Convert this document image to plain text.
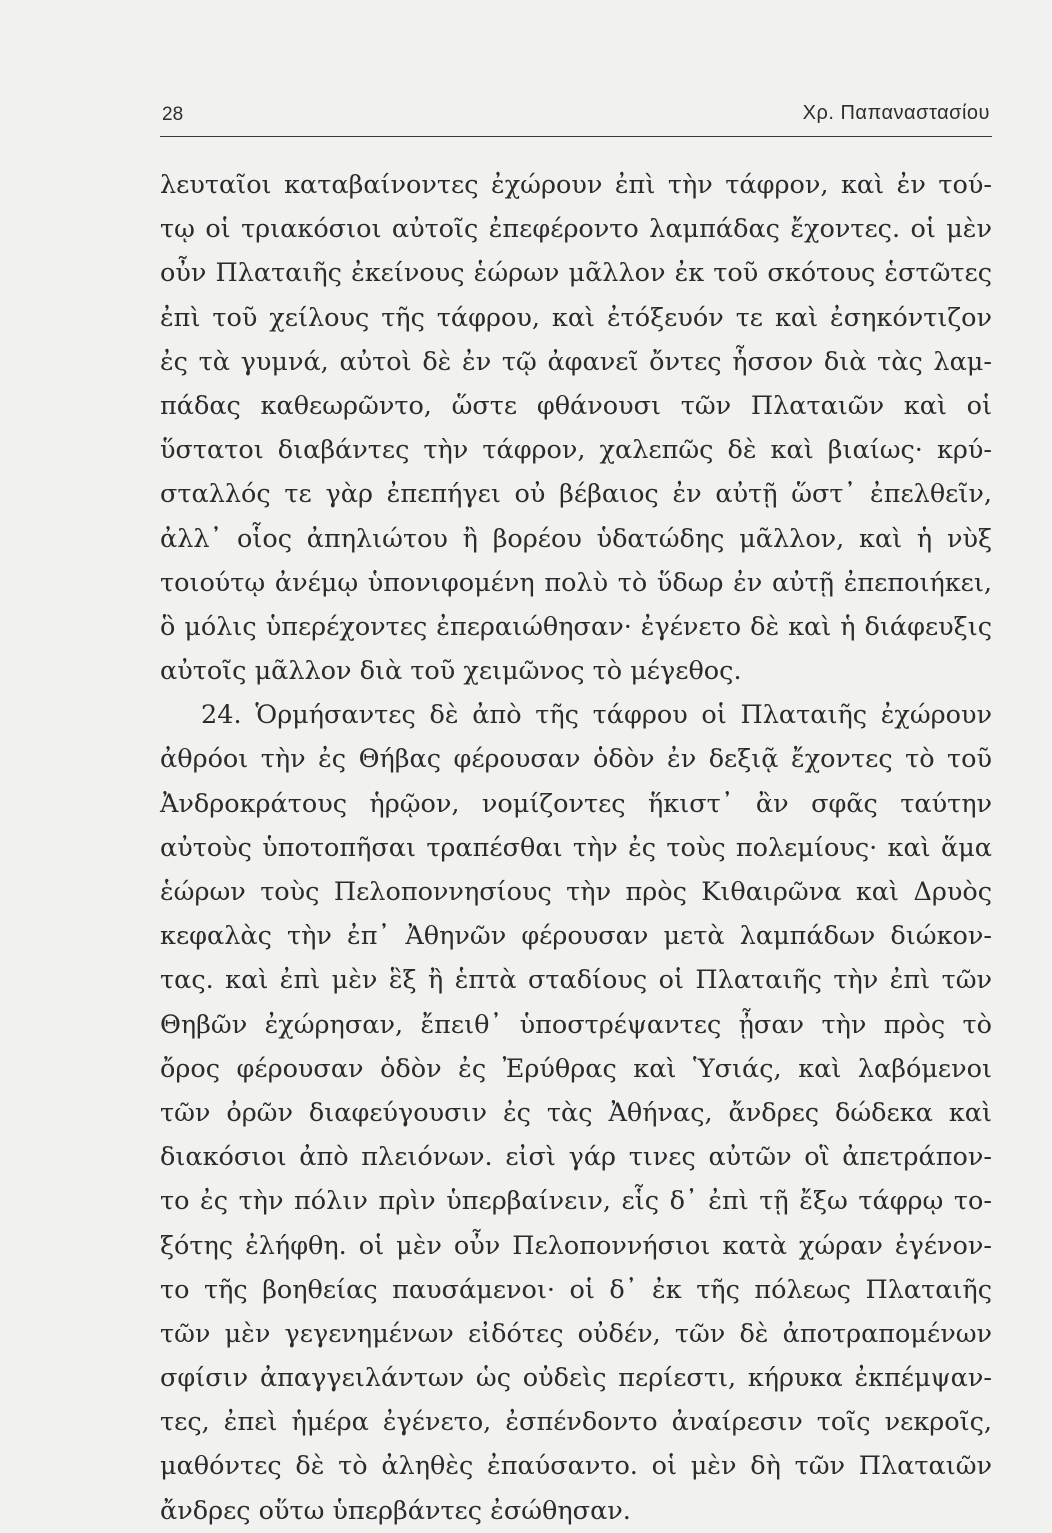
28	Χρ. Παπαναστασίου
λευταῖοι καταβαίνοντες ἐχώρουν ἐπὶ τὴν τάφρον, καὶ ἐν τού-
τῳ οἱ τριακόσιοι αὐτοῖς ἐπεφέροντο λαμπάδας ἔχοντες. οἱ μὲν
οὖν Πλαταιῆς ἐκείνους ἑώρων μᾶλλον ἐκ τοῦ σκότους ἑστῶτες
ἐπὶ τοῦ χείλους τῆς τάφρου, καὶ ἐτόξευόν τε καὶ ἐσηκόντιζον
ἐς τὰ γυμνά, αὐτοὶ δὲ ἐν τῷ ἀφανεῖ ὄντες ἧσσον διὰ τὰς λαμ-
πάδας καθεωρῶντο, ὥστε φθάνουσι τῶν Πλαταιῶν καὶ οἱ
ὕστατοι διαβάντες τὴν τάφρον, χαλεπῶς δὲ καὶ βιαίως· κρύ-
σταλλός τε γὰρ ἐπεπήγει οὐ βέβαιος ἐν αὐτῇ ὥστ᾽ ἐπελθεῖν,
ἀλλ᾽ οἷος ἀπηλιώτου ἢ βορέου ὑδατώδης μᾶλλον, καὶ ἡ νὺξ
τοιούτῳ ἀνέμῳ ὑπονιφομένη πολὺ τὸ ὕδωρ ἐν αὐτῇ ἐπεποιήκει,
ὃ μόλις ὑπερέχοντες ἐπεραιώθησαν· ἐγένετο δὲ καὶ ἡ διάφευξις
αὐτοῖς μᾶλλον διὰ τοῦ χειμῶνος τὸ μέγεθος.
24. Ὁρμήσαντες δὲ ἀπὸ τῆς τάφρου οἱ Πλαταιῆς ἐχώρουν
ἀθρόοι τὴν ἐς Θήβας φέρουσαν ὁδὸν ἐν δεξιᾷ ἔχοντες τὸ τοῦ
Ἀνδροκράτους ἡρῷον, νομίζοντες ἥκιστ᾽ ἂν σφᾶς ταύτην
αὐτοὺς ὑποτοπῆσαι τραπέσθαι τὴν ἐς τοὺς πολεμίους· καὶ ἅμα
ἑώρων τοὺς Πελοποννησίους τὴν πρὸς Κιθαιρῶνα καὶ Δρυὸς
κεφαλὰς τὴν ἐπ᾽ Ἀθηνῶν φέρουσαν μετὰ λαμπάδων διώκον-
τας. καὶ ἐπὶ μὲν ἓξ ἢ ἑπτὰ σταδίους οἱ Πλαταιῆς τὴν ἐπὶ τῶν
Θηβῶν ἐχώρησαν, ἔπειθ᾽ ὑποστρέψαντες ᾖσαν τὴν πρὸς τὸ
ὄρος φέρουσαν ὁδὸν ἐς Ἐρύθρας καὶ Ὑσιάς, καὶ λαβόμενοι
τῶν ὀρῶν διαφεύγουσιν ἐς τὰς Ἀθήνας, ἄνδρες δώδεκα καὶ
διακόσιοι ἀπὸ πλειόνων. εἰσὶ γάρ τινες αὐτῶν οἳ ἀπετράπον-
το ἐς τὴν πόλιν πρὶν ὑπερβαίνειν, εἷς δ᾽ ἐπὶ τῇ ἔξω τάφρῳ το-
ξότης ἐλήφθη. οἱ μὲν οὖν Πελοποννήσιοι κατὰ χώραν ἐγένον-
το τῆς βοηθείας παυσάμενοι· οἱ δ᾽ ἐκ τῆς πόλεως Πλαταιῆς
τῶν μὲν γεγενημένων εἰδότες οὐδέν, τῶν δὲ ἀποτραπομένων
σφίσιν ἀπαγγειλάντων ὡς οὐδεὶς περίεστι, κήρυκα ἐκπέμψαν-
τες, ἐπεὶ ἡμέρα ἐγένετο, ἐσπένδοντο ἀναίρεσιν τοῖς νεκροῖς,
μαθόντες δὲ τὸ ἀληθὲς ἐπαύσαντο. οἱ μὲν δὴ τῶν Πλαταιῶν
ἄνδρες οὕτω ὑπερβάντες ἐσώθησαν.
